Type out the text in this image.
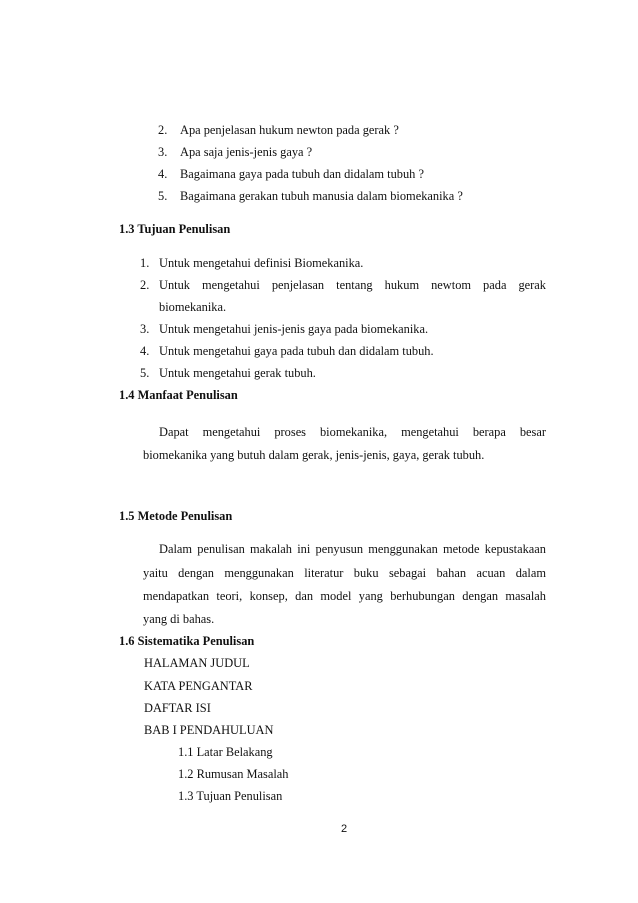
2. Apa penjelasan hukum newton pada gerak ?
3. Apa saja jenis-jenis gaya ?
4. Bagaimana gaya pada tubuh dan didalam tubuh ?
5. Bagaimana gerakan tubuh manusia dalam biomekanika ?
1.3 Tujuan Penulisan
1. Untuk mengetahui definisi Biomekanika.
2. Untuk mengetahui penjelasan tentang hukum newtom pada gerak
biomekanika.
3. Untuk mengetahui jenis-jenis gaya pada biomekanika.
4. Untuk mengetahui gaya pada tubuh dan didalam tubuh.
5. Untuk mengetahui gerak tubuh.
1.4 Manfaat Penulisan
Dapat mengetahui proses biomekanika, mengetahui berapa besar
biomekanika yang butuh dalam gerak, jenis-jenis, gaya, gerak tubuh.
1.5 Metode Penulisan
Dalam penulisan makalah ini penyusun menggunakan metode kepustakaan
yaitu dengan menggunakan literatur buku sebagai bahan acuan dalam
mendapatkan teori, konsep, dan model yang berhubungan dengan masalah
yang di bahas.
1.6 Sistematika Penulisan
HALAMAN JUDUL
KATA PENGANTAR
DAFTAR ISI
BAB I PENDAHULUAN
1.1 Latar Belakang
1.2 Rumusan Masalah
1.3 Tujuan Penulisan
2
